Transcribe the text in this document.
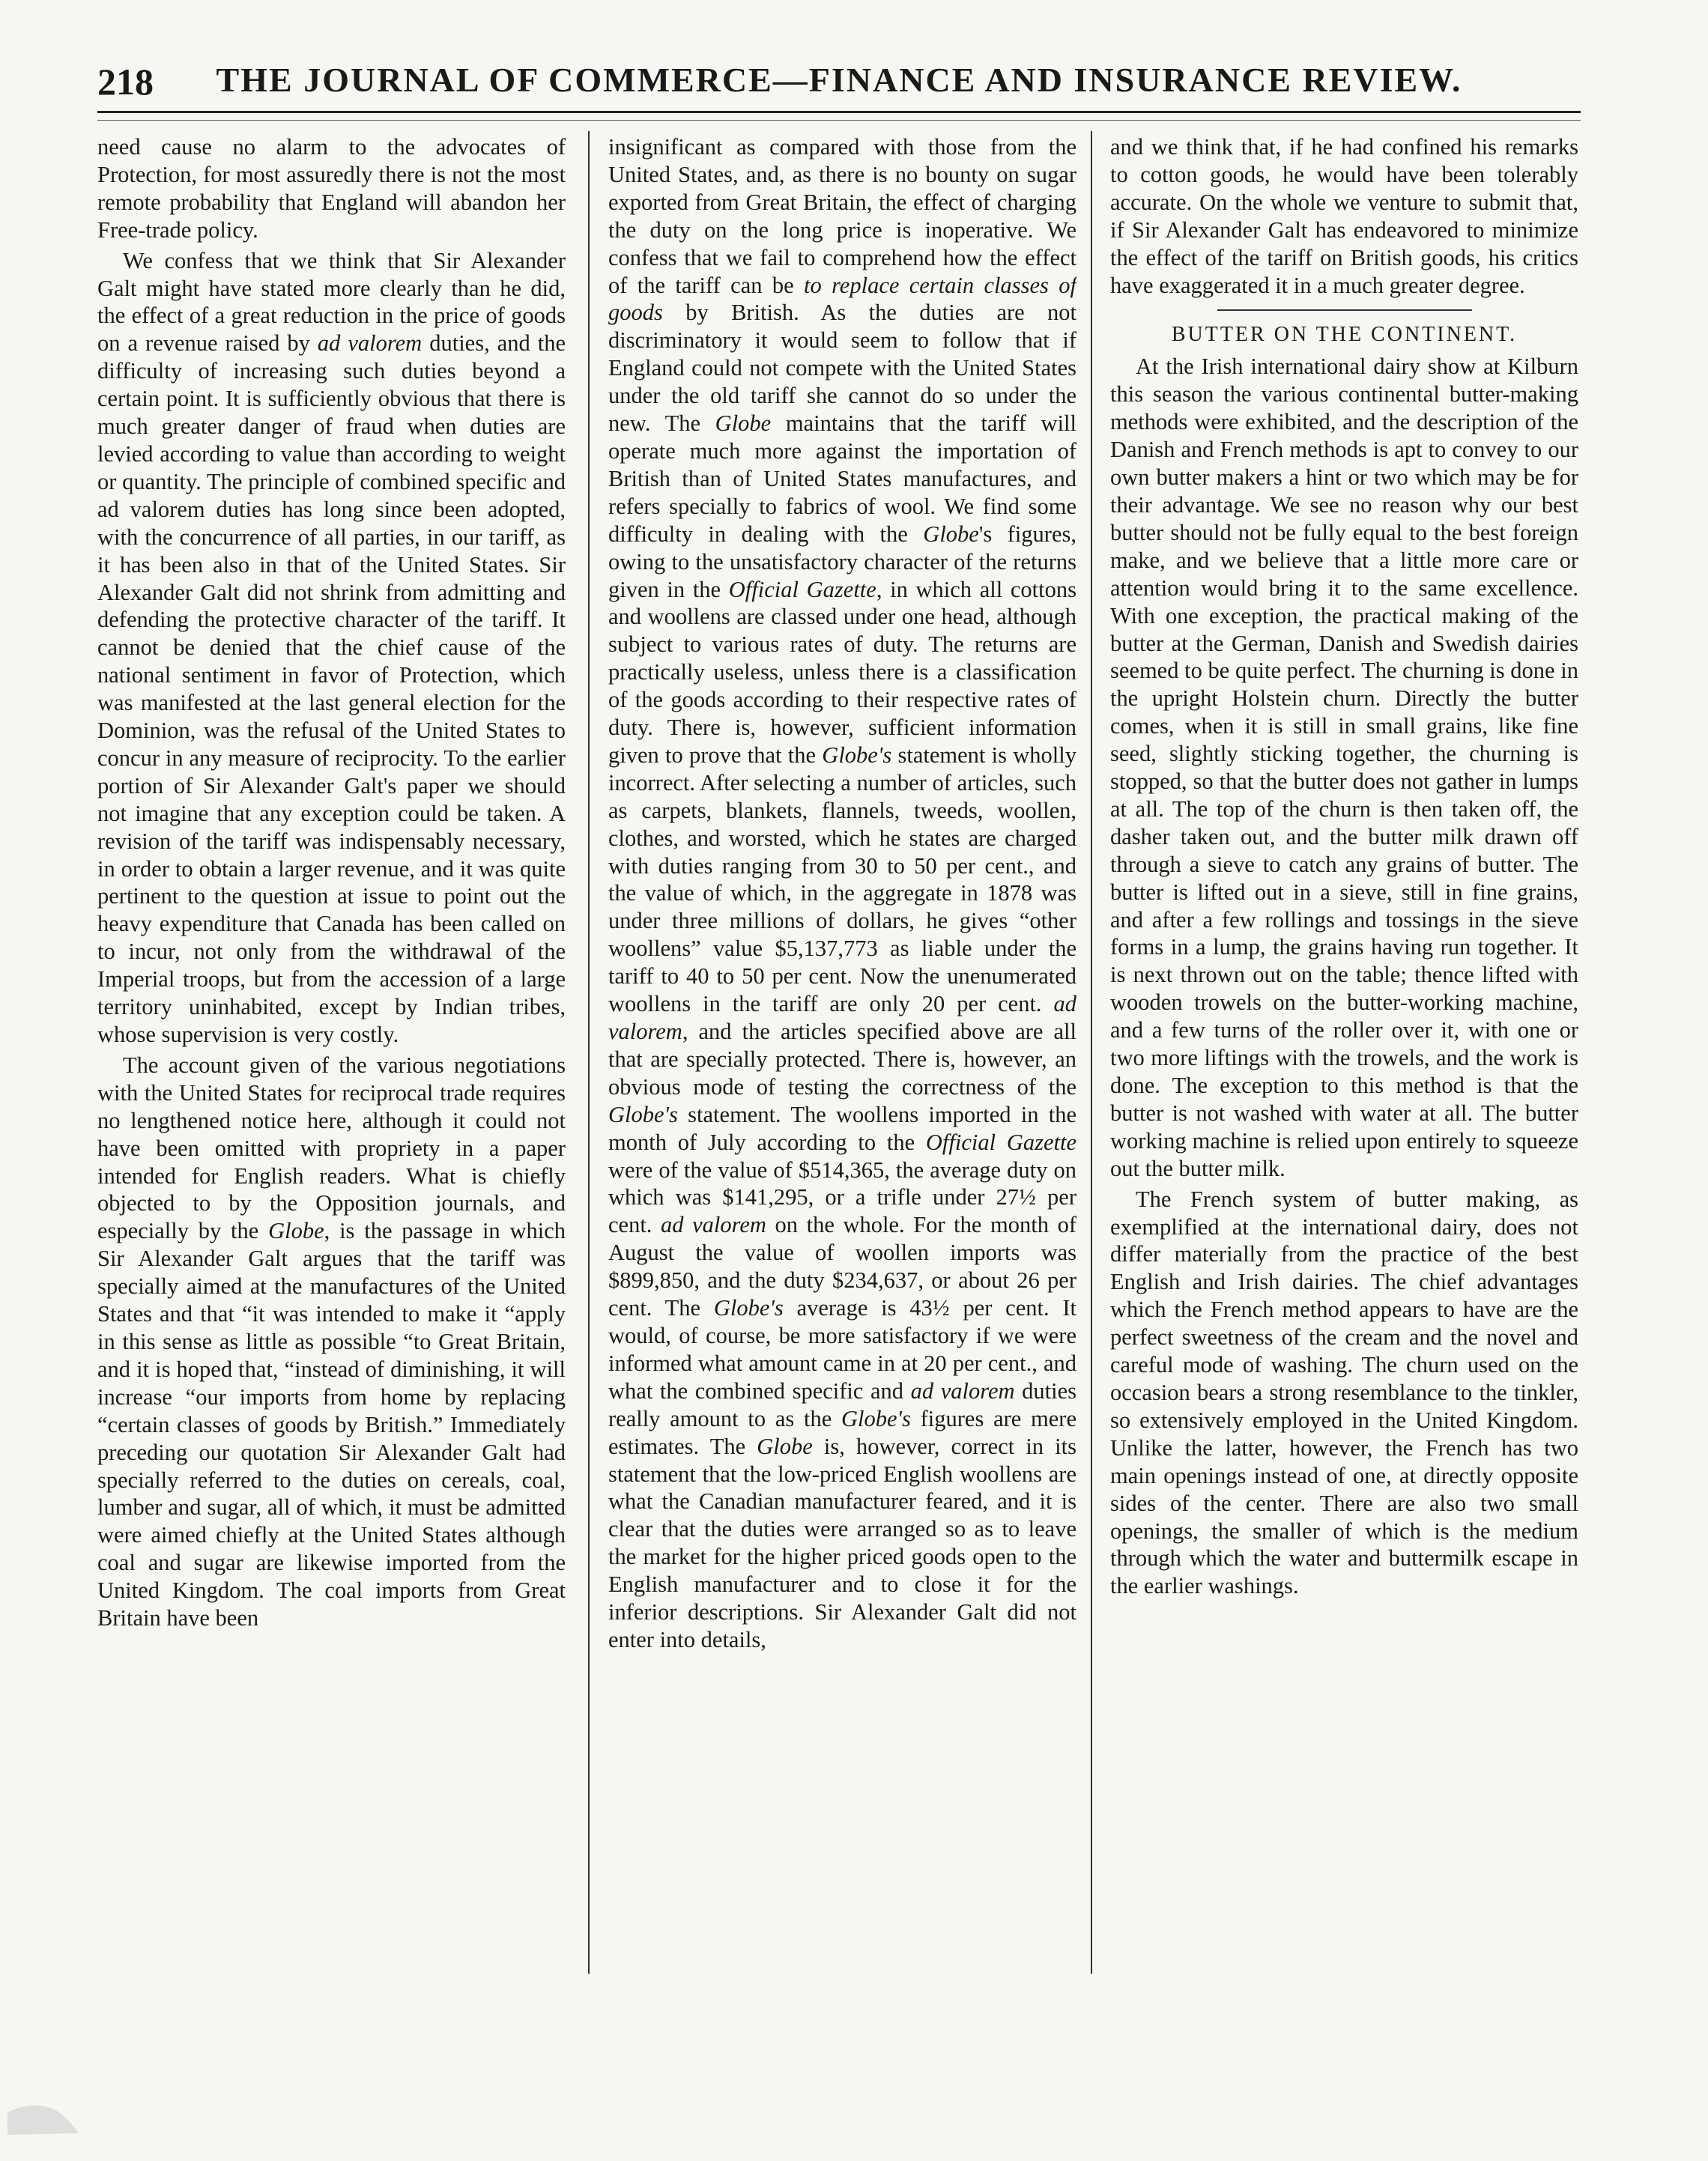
218	THE JOURNAL OF COMMERCE—FINANCE AND INSURANCE REVIEW.

need cause no alarm to the advocates of Protection, for most assuredly there is not the most remote probability that England will abandon her Free-trade policy.

We confess that we think that Sir Alexander Galt might have stated more clearly than he did, the effect of a great reduction in the price of goods on a revenue raised by ad valorem duties, and the difficulty of increasing such duties beyond a certain point. It is sufficiently obvious that there is much greater danger of fraud when duties are levied according to value than according to weight or quantity. The principle of combined specific and ad valorem duties has long since been adopted, with the concurrence of all parties, in our tariff, as it has been also in that of the United States. Sir Alexander Galt did not shrink from admitting and defending the protective character of the tariff. It cannot be denied that the chief cause of the national sentiment in favor of Protection, which was manifested at the last general election for the Dominion, was the refusal of the United States to concur in any measure of reciprocity. To the earlier portion of Sir Alexander Galt's paper we should not imagine that any exception could be taken. A revision of the tariff was indispensably necessary, in order to obtain a larger revenue, and it was quite pertinent to the question at issue to point out the heavy expenditure that Canada has been called on to incur, not only from the withdrawal of the Imperial troops, but from the accession of a large territory uninhabited, except by Indian tribes, whose supervision is very costly.

The account given of the various negotiations with the United States for reciprocal trade requires no lengthened notice here, although it could not have been omitted with propriety in a paper intended for English readers. What is chiefly objected to by the Opposition journals, and especially by the Globe, is the passage in which Sir Alexander Galt argues that the tariff was specially aimed at the manufactures of the United States and that “it was intended to make it “apply in this sense as little as possible “to Great Britain, and it is hoped that, “instead of diminishing, it will increase “our imports from home by replacing “certain classes of goods by British.” Immediately preceding our quotation Sir Alexander Galt had specially referred to the duties on cereals, coal, lumber and sugar, all of which, it must be admitted were aimed chiefly at the United States although coal and sugar are likewise imported from the United Kingdom. The coal imports from Great Britain have been

insignificant as compared with those from the United States, and, as there is no bounty on sugar exported from Great Britain, the effect of charging the duty on the long price is inoperative. We confess that we fail to comprehend how the effect of the tariff can be to replace certain classes of goods by British. As the duties are not discriminatory it would seem to follow that if England could not compete with the United States under the old tariff she cannot do so under the new. The Globe maintains that the tariff will operate much more against the importation of British than of United States manufactures, and refers specially to fabrics of wool. We find some difficulty in dealing with the Globe's figures, owing to the unsatisfactory character of the returns given in the Official Gazette, in which all cottons and woollens are classed under one head, although subject to various rates of duty. The returns are practically useless, unless there is a classification of the goods according to their respective rates of duty. There is, however, sufficient information given to prove that the Globe's statement is wholly incorrect. After selecting a number of articles, such as carpets, blankets, flannels, tweeds, woollen, clothes, and worsted, which he states are charged with duties ranging from 30 to 50 per cent., and the value of which, in the aggregate in 1878 was under three millions of dollars, he gives “other woollens” value $5,137,773 as liable under the tariff to 40 to 50 per cent. Now the unenumerated woollens in the tariff are only 20 per cent. ad valorem, and the articles specified above are all that are specially protected. There is, however, an obvious mode of testing the correctness of the Globe's statement. The woollens imported in the month of July according to the Official Gazette were of the value of $514,365, the average duty on which was $141,295, or a trifle under 27½ per cent. ad valorem on the whole. For the month of August the value of woollen imports was $899,850, and the duty $234,637, or about 26 per cent. The Globe's average is 43½ per cent. It would, of course, be more satisfactory if we were informed what amount came in at 20 per cent., and what the combined specific and ad valorem duties really amount to as the Globe's figures are mere estimates. The Globe is, however, correct in its statement that the low-priced English woollens are what the Canadian manufacturer feared, and it is clear that the duties were arranged so as to leave the market for the higher priced goods open to the English manufacturer and to close it for the inferior descriptions. Sir Alexander Galt did not enter into details,

and we think that, if he had confined his remarks to cotton goods, he would have been tolerably accurate. On the whole we venture to submit that, if Sir Alexander Galt has endeavored to minimize the effect of the tariff on British goods, his critics have exaggerated it in a much greater degree.

BUTTER ON THE CONTINENT.

At the Irish international dairy show at Kilburn this season the various continental butter-making methods were exhibited, and the description of the Danish and French methods is apt to convey to our own butter makers a hint or two which may be for their advantage. We see no reason why our best butter should not be fully equal to the best foreign make, and we believe that a little more care or attention would bring it to the same excellence. With one exception, the practical making of the butter at the German, Danish and Swedish dairies seemed to be quite perfect. The churning is done in the upright Holstein churn. Directly the butter comes, when it is still in small grains, like fine seed, slightly sticking together, the churning is stopped, so that the butter does not gather in lumps at all. The top of the churn is then taken off, the dasher taken out, and the butter milk drawn off through a sieve to catch any grains of butter. The butter is lifted out in a sieve, still in fine grains, and after a few rollings and tossings in the sieve forms in a lump, the grains having run together. It is next thrown out on the table; thence lifted with wooden trowels on the butter-working machine, and a few turns of the roller over it, with one or two more liftings with the trowels, and the work is done. The exception to this method is that the butter is not washed with water at all. The butter working machine is relied upon entirely to squeeze out the butter milk.

The French system of butter making, as exemplified at the international dairy, does not differ materially from the practice of the best English and Irish dairies. The chief advantages which the French method appears to have are the perfect sweetness of the cream and the novel and careful mode of washing. The churn used on the occasion bears a strong resemblance to the tinkler, so extensively employed in the United Kingdom. Unlike the latter, however, the French has two main openings instead of one, at directly opposite sides of the center. There are also two small openings, the smaller of which is the medium through which the water and buttermilk escape in the earlier washings.
